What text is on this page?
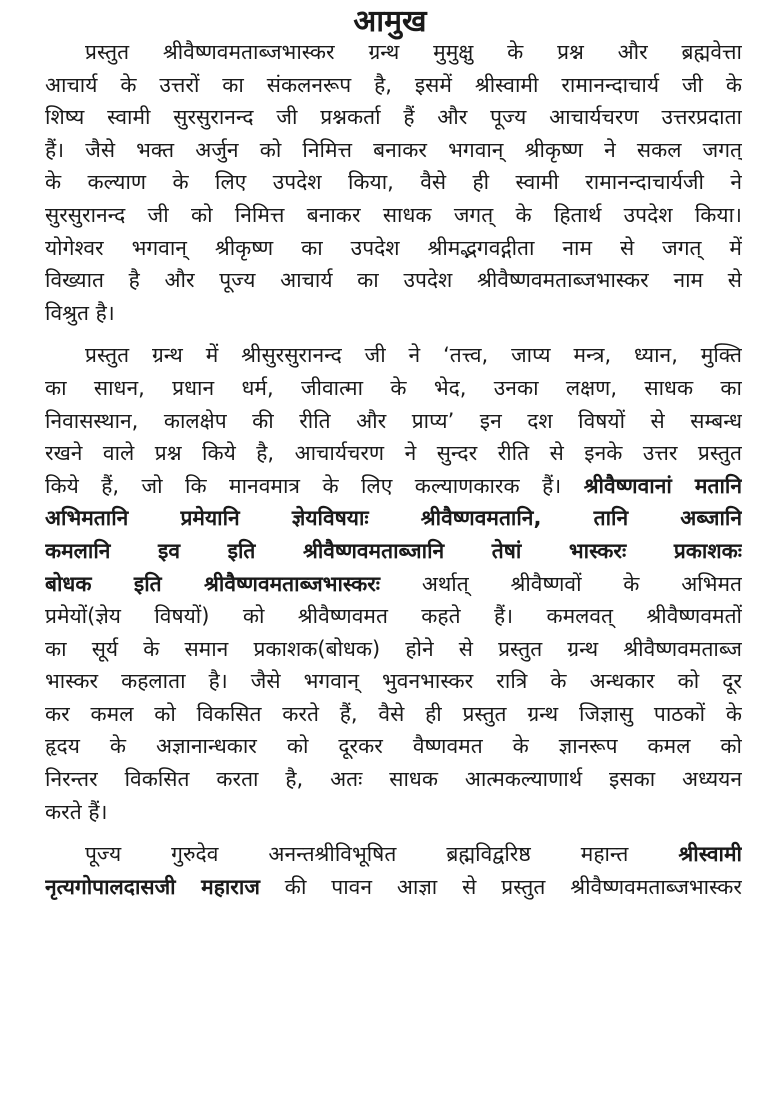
आमुख
प्रस्तुत श्रीवैष्णवमताब्जभास्कर ग्रन्थ मुमुक्षु के प्रश्न और ब्रह्मवेत्ता
आचार्य के उत्तरों का संकलनरूप है, इसमें श्रीस्वामी रामानन्दाचार्य जी के
शिष्य स्वामी सुरसुरानन्द जी प्रश्नकर्ता हैं और पूज्य आचार्यचरण उत्तरप्रदाता
हैं। जैसे भक्त अर्जुन को निमित्त बनाकर भगवान् श्रीकृष्ण ने सकल जगत्
के कल्याण के लिए उपदेश किया, वैसे ही स्वामी रामानन्दाचार्यजी ने
सुरसुरानन्द जी को निमित्त बनाकर साधक जगत् के हितार्थ उपदेश किया।
योगेश्वर भगवान् श्रीकृष्ण का उपदेश श्रीमद्भगवद्गीता नाम से जगत् में
विख्यात है और पूज्य आचार्य का उपदेश श्रीवैष्णवमताब्जभास्कर नाम से
विश्रुत है।
प्रस्तुत ग्रन्थ में श्रीसुरसुरानन्द जी ने ‘तत्त्व, जाप्य मन्त्र, ध्यान, मुक्ति
का साधन, प्रधान धर्म, जीवात्मा के भेद, उनका लक्षण, साधक का
निवासस्थान, कालक्षेप की रीति और प्राप्य’ इन दश विषयों से सम्बन्ध
रखने वाले प्रश्न किये है, आचार्यचरण ने सुन्दर रीति से इनके उत्तर प्रस्तुत
किये हैं, जो कि मानवमात्र के लिए कल्याणकारक हैं। श्रीवैष्णवानां मतानि
अभिमतानि प्रमेयानि ज्ञेयविषयाः श्रीवैष्णवमतानि, तानि अब्जानि
कमलानि इव इति श्रीवैष्णवमताब्जानि तेषां भास्करः प्रकाशकः
बोधक इति श्रीवैष्णवमताब्जभास्करः अर्थात् श्रीवैष्णवों के अभिमत
प्रमेयों(ज्ञेय विषयों) को श्रीवैष्णवमत कहते हैं। कमलवत् श्रीवैष्णवमतों
का सूर्य के समान प्रकाशक(बोधक) होने से प्रस्तुत ग्रन्थ श्रीवैष्णवमताब्ज
भास्कर कहलाता है। जैसे भगवान् भुवनभास्कर रात्रि के अन्धकार को दूर
कर कमल को विकसित करते हैं, वैसे ही प्रस्तुत ग्रन्थ जिज्ञासु पाठकों के
हृदय के अज्ञानान्धकार को दूरकर वैष्णवमत के ज्ञानरूप कमल को
निरन्तर विकसित करता है, अतः साधक आत्मकल्याणार्थ इसका अध्ययन
करते हैं।
पूज्य गुरुदेव अनन्तश्रीविभूषित ब्रह्मविद्वरिष्ठ महान्त श्रीस्वामी
नृत्यगोपालदासजी महाराज की पावन आज्ञा से प्रस्तुत श्रीवैष्णवमताब्जभास्कर
